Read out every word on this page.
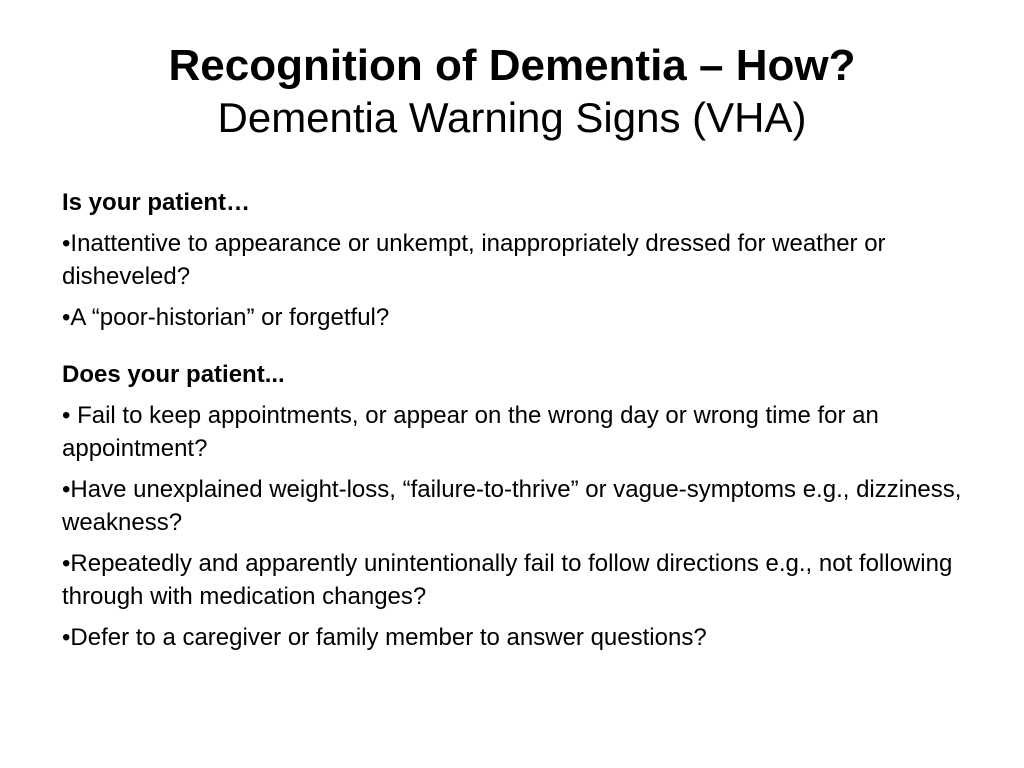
Recognition of Dementia – How?
Dementia Warning Signs (VHA)
Is your patient…
•Inattentive to appearance or unkempt, inappropriately dressed for weather or disheveled?
•A “poor-historian” or forgetful?
Does your patient...
• Fail to keep appointments, or appear on the wrong day or wrong time for an appointment?
•Have unexplained weight-loss, “failure-to-thrive” or vague-symptoms e.g., dizziness, weakness?
•Repeatedly and apparently unintentionally fail to follow directions e.g., not following through with medication changes?
•Defer to a caregiver or family member to answer questions?
